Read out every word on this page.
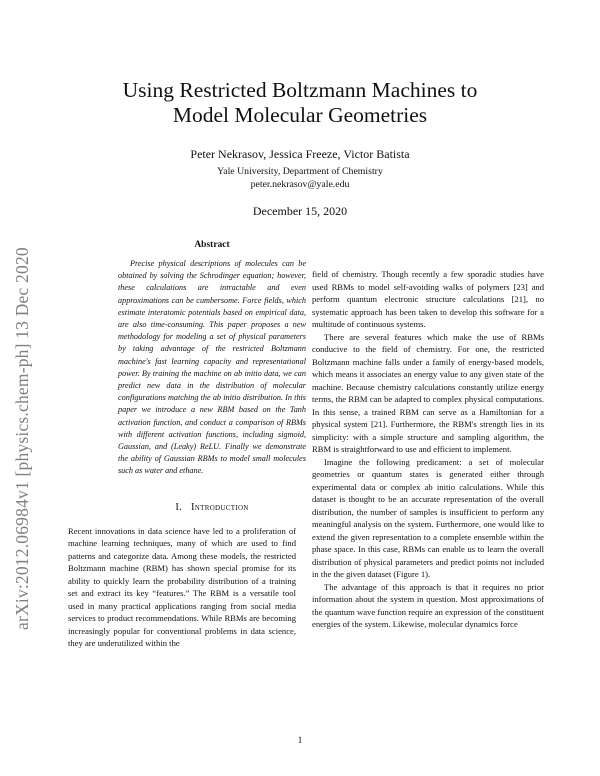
arXiv:2012.06984v1 [physics.chem-ph] 13 Dec 2020
Using Restricted Boltzmann Machines to
Model Molecular Geometries
Peter Nekrasov, Jessica Freeze, Victor Batista
Yale University, Department of Chemistry
peter.nekrasov@yale.edu
December 15, 2020
Abstract

Precise physical descriptions of molecules can be obtained by solving the Schrodinger equation; however, these calculations are intractable and even approximations can be cumbersome. Force fields, which estimate interatomic potentials based on empirical data, are also time-consuming. This paper proposes a new methodology for modeling a set of physical parameters by taking advantage of the restricted Boltzmann machine's fast learning capacity and representational power. By training the machine on ab initio data, we can predict new data in the distribution of molecular configurations matching the ab initio distribution. In this paper we introduce a new RBM based on the Tanh activation function, and conduct a comparison of RBMs with different activation functions, including sigmoid, Gaussian, and (Leaky) ReLU. Finally we demonstrate the ability of Gaussian RBMs to model small molecules such as water and ethane.

I. Introduction

Recent innovations in data science have led to a proliferation of machine learning techniques, many of which are used to find patterns and categorize data. Among these models, the restricted Boltzmann machine (RBM) has shown special promise for its ability to quickly learn the probability distribution of a training set and extract its key “features.” The RBM is a versatile tool used in many practical applications ranging from social media services to product recommendations. While RBMs are becoming increasingly popular for conventional problems in data science, they are underutilized within the

field of chemistry. Though recently a few sporadic studies have used RBMs to model self-avoiding walks of polymers [23] and perform quantum electronic structure calculations [21], no systematic approach has been taken to develop this software for a multitude of continuous systems.

There are several features which make the use of RBMs conducive to the field of chemistry. For one, the restricted Boltzmann machine falls under a family of energy-based models, which means it associates an energy value to any given state of the machine. Because chemistry calculations constantly utilize energy terms, the RBM can be adapted to complex physical computations. In this sense, a trained RBM can serve as a Hamiltonian for a physical system [21]. Furthermore, the RBM's strength lies in its simplicity: with a simple structure and sampling algorithm, the RBM is straightforward to use and efficient to implement.

Imagine the following predicament: a set of molecular geometries or quantum states is generated either through experimental data or complex ab initio calculations. While this dataset is thought to be an accurate representation of the overall distribution, the number of samples is insufficient to perform any meaningful analysis on the system. Furthermore, one would like to extend the given representation to a complete ensemble within the phase space. In this case, RBMs can enable us to learn the overall distribution of physical parameters and predict points not included in the the given dataset (Figure 1).

The advantage of this approach is that it requires no prior information about the system in question. Most approximations of the quantum wave function require an expression of the constituent energies of the system. Likewise, molecular dynamics force

1
